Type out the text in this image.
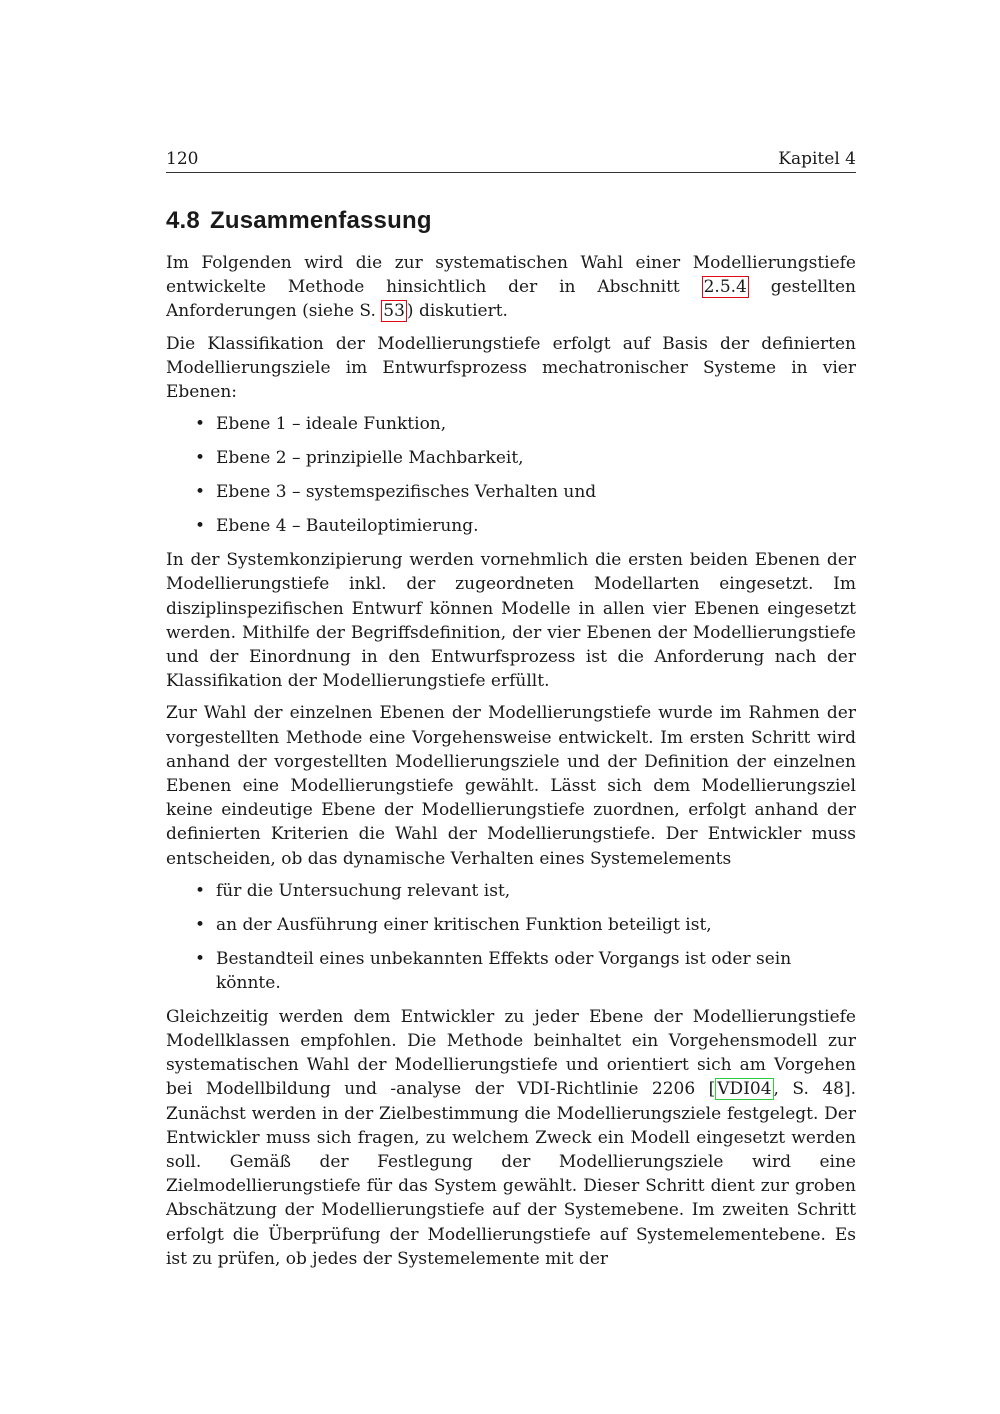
120	Kapitel 4
4.8 Zusammenfassung

Im Folgenden wird die zur systematischen Wahl einer Modellierungstiefe entwickelte Methode hinsichtlich der in Abschnitt 2.5.4 gestellten Anforderungen (siehe S. 53 ) diskutiert.

Die Klassifikation der Modellierungstiefe erfolgt auf Basis der definierten Modellierungsziele im Entwurfsprozess mechatronischer Systeme in vier Ebenen:

• Ebene 1 – ideale Funktion,
• Ebene 2 – prinzipielle Machbarkeit,
• Ebene 3 – systemspezifisches Verhalten und
• Ebene 4 – Bauteiloptimierung.

In der Systemkonzipierung werden vornehmlich die ersten beiden Ebenen der Modellierungstiefe inkl. der zugeordneten Modellarten eingesetzt. Im disziplinspezifischen Entwurf können Modelle in allen vier Ebenen eingesetzt werden. Mithilfe der Begriffsdefinition, der vier Ebenen der Modellierungstiefe und der Einordnung in den Entwurfsprozess ist die Anforderung nach der Klassifikation der Modellierungstiefe erfüllt.

Zur Wahl der einzelnen Ebenen der Modellierungstiefe wurde im Rahmen der vorgestellten Methode eine Vorgehensweise entwickelt. Im ersten Schritt wird anhand der vorgestellten Modellierungsziele und der Definition der einzelnen Ebenen eine Modellierungstiefe gewählt. Lässt sich dem Modellierungsziel keine eindeutige Ebene der Modellierungstiefe zuordnen, erfolgt anhand der definierten Kriterien die Wahl der Modellierungstiefe. Der Entwickler muss entscheiden, ob das dynamische Verhalten eines Systemelements

• für die Untersuchung relevant ist,
• an der Ausführung einer kritischen Funktion beteiligt ist,
• Bestandteil eines unbekannten Effekts oder Vorgangs ist oder sein könnte.

Gleichzeitig werden dem Entwickler zu jeder Ebene der Modellierungstiefe Modellklassen empfohlen. Die Methode beinhaltet ein Vorgehensmodell zur systematischen Wahl der Modellierungstiefe und orientiert sich am Vorgehen bei Modellbildung und -analyse der VDI-Richtlinie 2206 [ VDI04 , S. 48]. Zunächst werden in der Zielbestimmung die Modellierungsziele festgelegt. Der Entwickler muss sich fragen, zu welchem Zweck ein Modell eingesetzt werden soll. Gemäß der Festlegung der Modellierungsziele wird eine Zielmodellierungstiefe für das System gewählt. Dieser Schritt dient zur groben Abschätzung der Modellierungstiefe auf der Systemebene. Im zweiten Schritt erfolgt die Überprüfung der Modellierungstiefe auf Systemelementebene. Es ist zu prüfen, ob jedes der Systemelemente mit der
